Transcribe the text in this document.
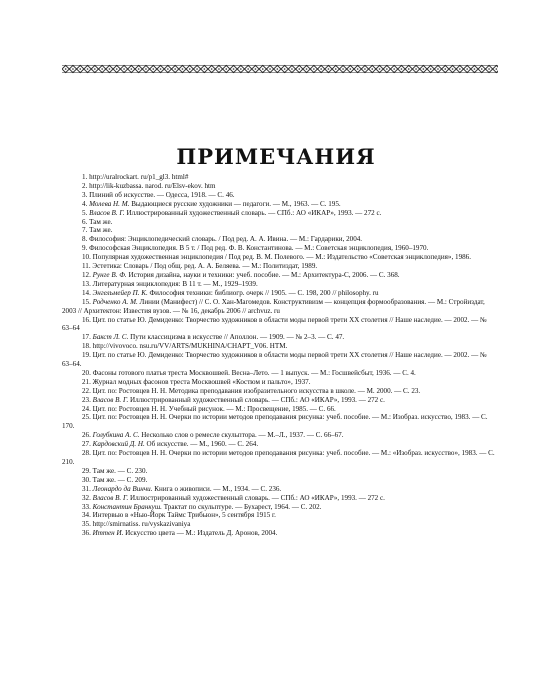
ПРИМЕЧАНИЯ

1. http://uralrockart. ru/p1_gl3. html#

2. http://lik-kuzbassa. narod. ru/Elsv-ekov. htm

3. Плиний об искусстве. — Одесса, 1918. — С. 46.

4. Молева Н. М. Выдающиеся русские художники — педагоги. — М., 1963. — С. 195.

5. Власов В. Г. Иллюстрированный художественный словарь. — СПб.: АО «ИКАР», 1993. — 272 с.

6. Там же.

7. Там же.

8. Философия: Энциклопедический словарь. / Под ред. А. А. Ивина. — М.: Гардарики, 2004.

9. Философская Энциклопедия. В 5 т. / Под ред. Ф. В. Константинова. — М.: Советская энциклопедия, 1960–1970.

10. Популярная художественная энциклопедия / Под ред. В. М. Полевого. — М.: Издательство «Советская энциклопедия», 1986.

11. Эстетика: Словарь / Под общ. ред. А. А. Беляева. — М.: Политиздат, 1989.

12. Рунге В. Ф. История дизайна, науки и техники: учеб. пособие. — М.: Архитектура-С, 2006. — С. 368.

13. Литературная энциклопедия: В 11 т. — М., 1929–1939.

14. Энгельмейер П. К. Философия техники: библиогр. очерк // 1905. — С. 198, 200 // philosophy. ru

15. Родченко А. М. Линии (Манифест) // С. О. Хан-Магомедов. Конструктивизм — концепция формообразования. — М.: Стройиздат, 2003 // Архитектон: Известия вузов. — № 16, декабрь 2006 // archvuz. ru

16. Цит. по статье Ю. Демиденко: Творчество художников в области моды первой трети XX столетия // Наше наследие. — 2002. — № 63–64

17. Бакст Л. С. Пути классицизма в искусстве // Аполлон. — 1909. — № 2–3. — С. 47.

18. http://vivovoco. nsu.ru/VV/ARTS/MUKHINA/CHAPT_V06. HTM.

19. Цит. по статье Ю. Демиденко: Творчество художников в области моды первой трети XX столетия // Наше наследие. — 2002. — № 63–64.

20. Фасоны готового платья треста Москвошвей. Весна–Лето. — 1 выпуск. — М.: Госшвейсбыт, 1936. — С. 4.

21. Журнал модных фасонов треста Москвошвей «Костюм и пальто», 1937.

22. Цит. по: Ростовцев Н. Н. Методика преподавания изобразительного искусства в школе. — М. 2000. — С. 23.

23. Власов В. Г. Иллюстрированный художественный словарь. — СПб.: АО «ИКАР», 1993. — 272 с.

24. Цит. по: Ростовцев Н. Н. Учебный рисунок. — М.: Просвещение, 1985. — С. 66.

25. Цит. по: Ростовцев Н. Н. Очерки по истории методов преподавания рисунка: учеб. пособие. — М.: Изобраз. искусство, 1983. — С. 170.

26. Голубкина А. С. Несколько слов о ремесле скульптора. — М.–Л., 1937. — С. 66–67.

27. Кардовский Д. Н. Об искусстве. — М., 1960. — С. 264.

28. Цит. по: Ростовцев Н. Н. Очерки по истории методов преподавания рисунка: учеб. пособие. — М.: «Изобраз. искусство», 1983. — С. 210.

29. Там же. — С. 230.

30. Там же. — С. 209.

31. Леонардо да Винчи. Книга о живописи. — М., 1934. — С. 236.

32. Власов В. Г. Иллюстрированный художественный словарь. — СПб.: АО «ИКАР», 1993. — 272 с.

33. Константин Бранкуш. Трактат по скульптуре. — Бухарест, 1964. — С. 202.

34. Интервью в «Нью-Йорк Таймс Трибьюн», 5 сентября 1915 г.

35. http://smirnatiss. ru/vyskazivaniya

36. Иттен И. Искусство цвета — М.: Издатель Д. Аронов, 2004.
